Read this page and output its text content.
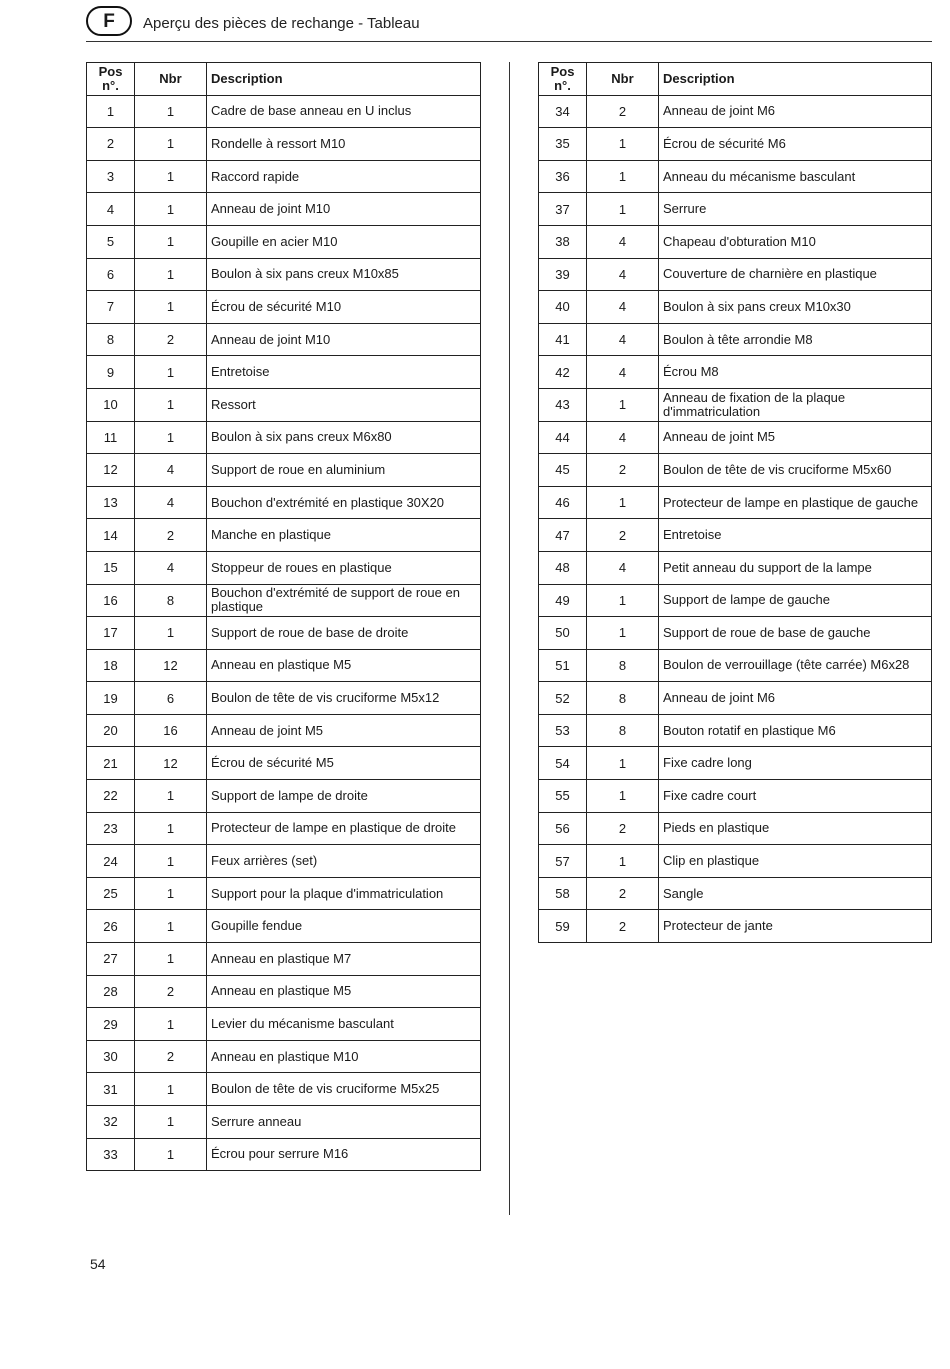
F	Aperçu des pièces de rechange - Tableau
Pos
n°.	Nbr	Description
1	1	Cadre de base anneau en U inclus
2	1	Rondelle à ressort M10
3	1	Raccord rapide
4	1	Anneau de joint M10
5	1	Goupille en acier M10
6	1	Boulon à six pans creux M10x85
7	1	Écrou de sécurité M10
8	2	Anneau de joint M10
9	1	Entretoise
10	1	Ressort
11	1	Boulon à six pans creux M6x80
12	4	Support de roue en aluminium
13	4	Bouchon d'extrémité en plastique 30X20
14	2	Manche en plastique
15	4	Stoppeur de roues en plastique
16	8	Bouchon d'extrémité de support de roue en plastique
17	1	Support de roue de base de droite
18	12	Anneau en plastique M5
19	6	Boulon de tête de vis cruciforme M5x12
20	16	Anneau de joint M5
21	12	Écrou de sécurité M5
22	1	Support de lampe de droite
23	1	Protecteur de lampe en plastique de droite
24	1	Feux arrières (set)
25	1	Support pour la plaque d'immatriculation
26	1	Goupille fendue
27	1	Anneau en plastique M7
28	2	Anneau en plastique M5
29	1	Levier du mécanisme basculant
30	2	Anneau en plastique M10
31	1	Boulon de tête de vis cruciforme M5x25
32	1	Serrure anneau
33	1	Écrou pour serrure M16
Pos
n°.	Nbr	Description
34	2	Anneau de joint M6
35	1	Écrou de sécurité M6
36	1	Anneau du mécanisme basculant
37	1	Serrure
38	4	Chapeau d'obturation M10
39	4	Couverture de charnière en plastique
40	4	Boulon à six pans creux M10x30
41	4	Boulon à tête arrondie M8
42	4	Écrou M8
43	1	Anneau de fixation de la plaque d'immatriculation
44	4	Anneau de joint M5
45	2	Boulon de tête de vis cruciforme M5x60
46	1	Protecteur de lampe en plastique de gauche
47	2	Entretoise
48	4	Petit anneau du support de la lampe
49	1	Support de lampe de gauche
50	1	Support de roue de base de gauche
51	8	Boulon de verrouillage (tête carrée) M6x28
52	8	Anneau de joint M6
53	8	Bouton rotatif en plastique M6
54	1	Fixe cadre long
55	1	Fixe cadre court
56	2	Pieds en plastique
57	1	Clip en plastique
58	2	Sangle
59	2	Protecteur de jante
54
